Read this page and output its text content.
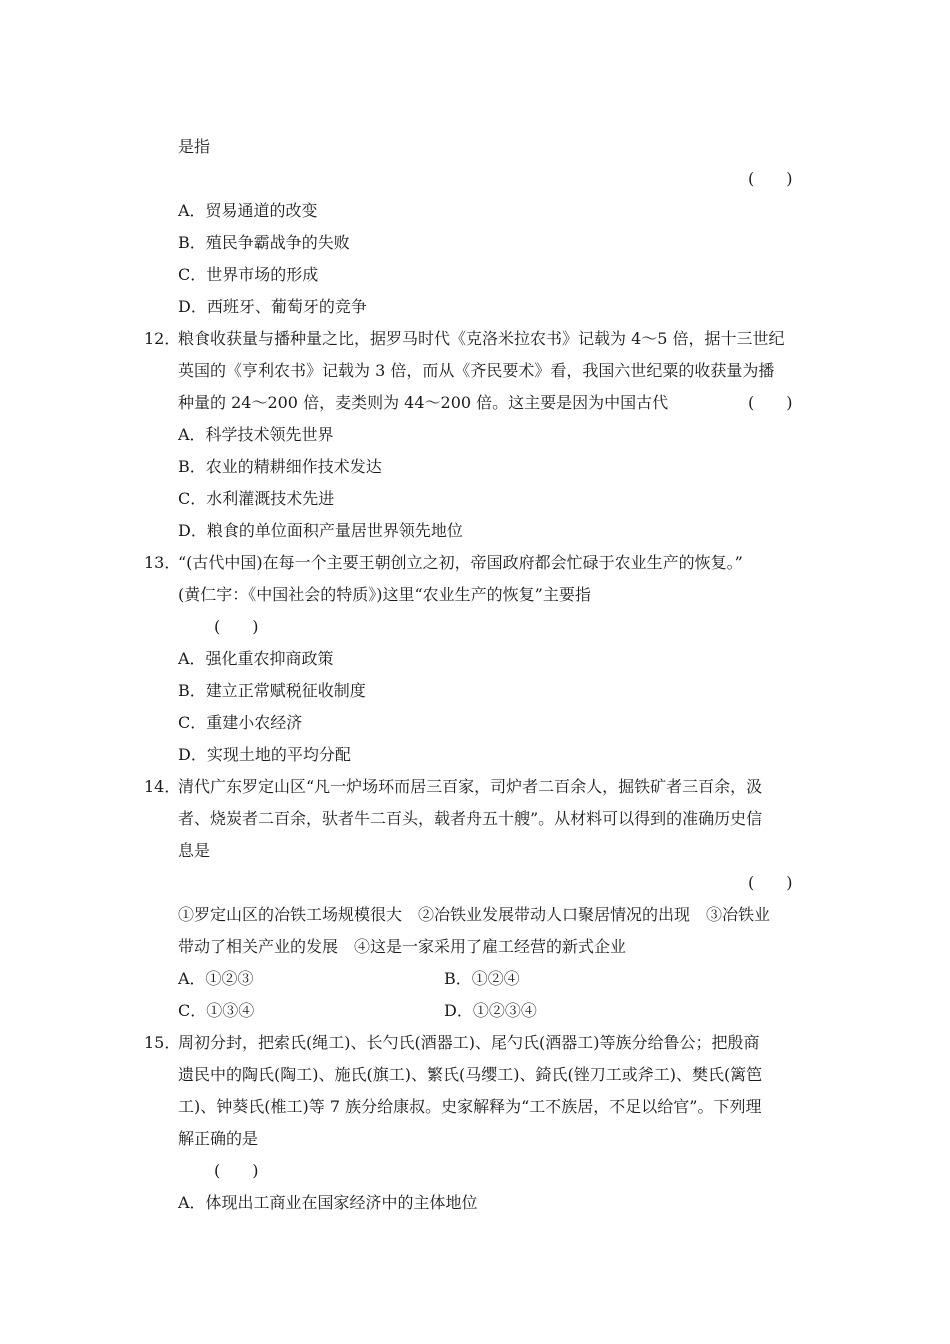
是指
(　　)
A．贸易通道的改变
B．殖民争霸战争的失败
C．世界市场的形成
D．西班牙、葡萄牙的竞争
12．
粮食收获量与播种量之比，据罗马时代《克洛米拉农书》记载为 4～5 倍，据十三世纪
英国的《亨利农书》记载为 3 倍，而从《齐民要术》看，我国六世纪粟的收获量为播
种量的 24～200 倍，麦类则为 44～200 倍。这主要是因为中国古代	(　　)
A．科学技术领先世界
B．农业的精耕细作技术发达
C．水利灌溉技术先进
D．粮食的单位面积产量居世界领先地位
13．
“(古代中国)在每一个主要王朝创立之初，帝国政府都会忙碌于农业生产的恢复。”
(黄仁宇：《中国社会的特质》)这里“农业生产的恢复”主要指
(　　)
A．强化重农抑商政策
B．建立正常赋税征收制度
C．重建小农经济
D．实现土地的平均分配
14．
清代广东罗定山区“凡一炉场环而居三百家，司炉者二百余人，掘铁矿者三百余，汲
者、烧炭者二百余，驮者牛二百头，载者舟五十艘”。从材料可以得到的准确历史信
息是
(　　)
①罗定山区的冶铁工场规模很大　②冶铁业发展带动人口聚居情况的出现　③冶铁业
带动了相关产业的发展　④这是一家采用了雇工经营的新式企业
A．①②③	B．①②④
C．①③④	D．①②③④
15．
周初分封，把索氏(绳工)、长勺氏(酒器工)、尾勺氏(酒器工)等族分给鲁公；把殷商
遗民中的陶氏(陶工)、施氏(旗工)、繁氏(马缨工)、錡氏(锉刀工或斧工)、樊氏(篱笆
工)、钟葵氏(椎工)等 7 族分给康叔。史家解释为“工不族居，不足以给官”。下列理
解正确的是
(　　)
A．体现出工商业在国家经济中的主体地位
